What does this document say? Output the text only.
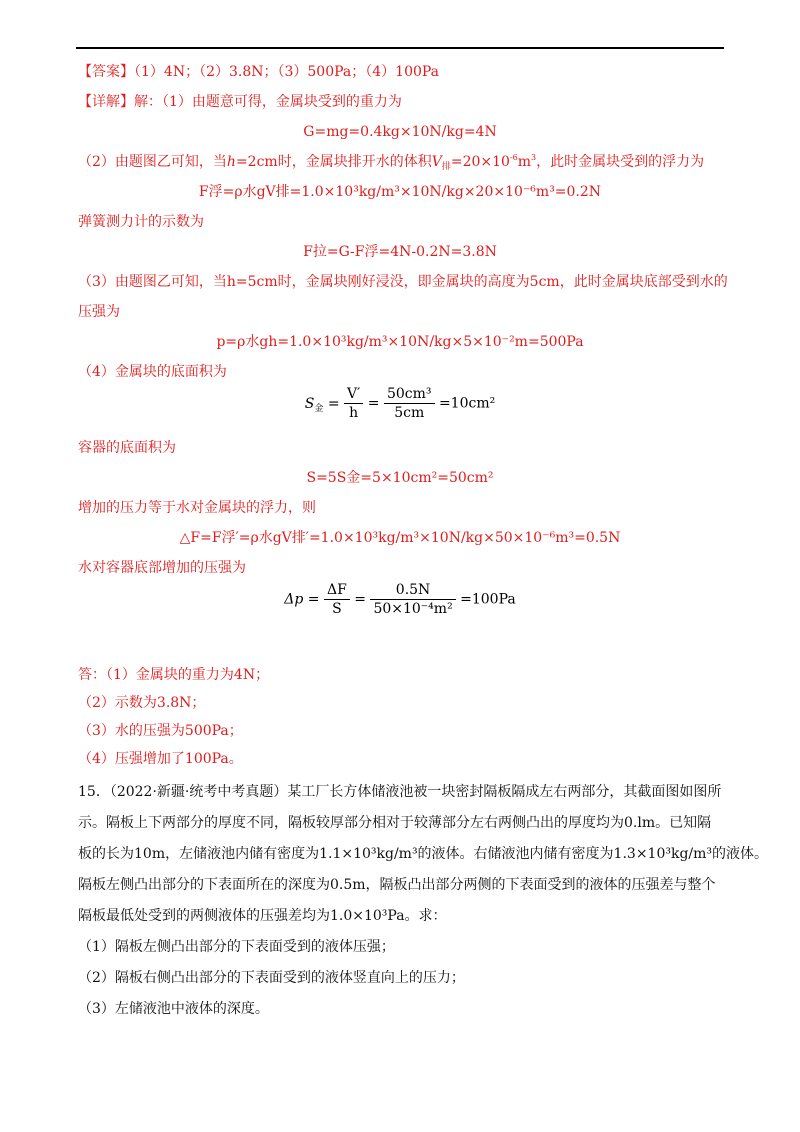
【答案】（1）4N；（2）3.8N；（3）500Pa；（4）100Pa
【详解】解：（1）由题意可得，金属块受到的重力为
G=mg=0.4kg×10N/kg=4N
（2）由题图乙可知，当h=2cm时，金属块排开水的体积$V_排=20\times 10^{-6}m^3$，此时金属块受到的浮力为
F浮=ρ水gV排=1.0×10³kg/m³×10N/kg×20×10⁻⁶m³=0.2N
弹簧测力计的示数为
F拉=G-F浮=4N-0.2N=3.8N
（3）由题图乙可知，当h=5cm时，金属块刚好浸没，即金属块的高度为5cm，此时金属块底部受到水的
压强为
p=ρ水gh=1.0×10³kg/m³×10N/kg×5×10⁻²m=500Pa
（4）金属块的底面积为
$S_金 = \frac{V'}{h} = \frac{\text{50cm³}}{5cm} =10cm^2$
容器的底面积为
S=5S金=5×10cm²=50cm²
增加的压力等于水对金属块的浮力，则
△F=F浮′=ρ水gV排′=1.0×10³kg/m³×10N/kg×50×10⁻⁶m³=0.5N
水对容器底部增加的压强为
$\Delta p = \frac{\Delta F}{S} = \frac{0.5N}{\text{50×10⁻⁴m²}} =100Pa$
答：（1）金属块的重力为4N；
（2）示数为3.8N；
（3）水的压强为500Pa；
（4）压强增加了100Pa。
15．（2022·新疆·统考中考真题）某工厂长方体储液池被一块密封隔板隔成左右两部分，其截面图如图所
示。隔板上下两部分的厚度不同，隔板较厚部分相对于较薄部分左右两侧凸出的厚度均为0.lm。已知隔
板的长为10m，左储液池内储有密度为1.1×10³kg/m³的液体。右储液池内储有密度为1.3×10³kg/m³的液体。
隔板左侧凸出部分的下表面所在的深度为0.5m，隔板凸出部分两侧的下表面受到的液体的压强差与整个
隔板最低处受到的两侧液体的压强差均为1.0×10³Pa。求：
（1）隔板左侧凸出部分的下表面受到的液体压强；
（2）隔板右侧凸出部分的下表面受到的液体竖直向上的压力；
（3）左储液池中液体的深度。
